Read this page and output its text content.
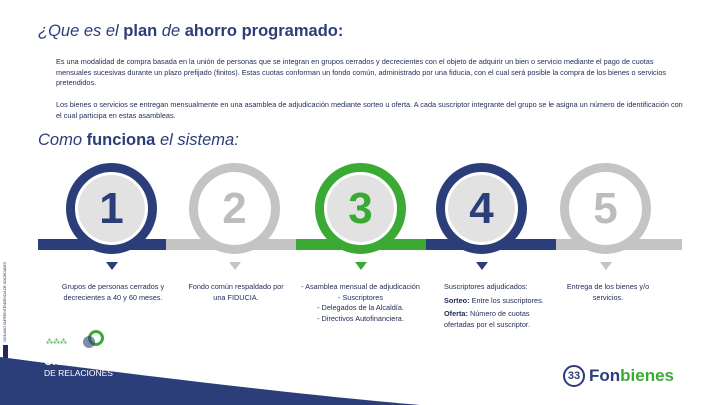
¿Que es el plan de ahorro programado:
Es una modalidad de compra basada en la unión de personas que se integran en grupos cerrados y decrecientes con el objeto de adquirir un bien o servicio mediante el pago de cuotas mensuales sucesivas durante un plazo prefijado (finitos). Estas cuotas conforman un fondo común, administrado por una fiducia, con el cual será posible la compra de los bienes o servicios pretendidos.
Los bienes o servicios se entregan mensualmente en una asamblea de adjudicación mediante sorteo u oferta. A cada suscriptor integrante del grupo se le asigna un número de identificación con el cual participa en estas asambleas.
Como funciona el sistema:
VIGILADO SUPERINTENDENCIA DE SOCIEDADES
1
Grupos de personas cerrados y decrecientes a 40 y 60 meses.
2
Fondo común respaldado por una FIDUCIA.
3
- Asamblea mensual de adjudicación
- Suscriptores
- Delegados de la Alcaldía.
- Directivos Autofinanciera.
4
Suscriptores adjudicados:
Sorteo: Entre los suscriptores.
Oferta: Número de cuotas ofertadas por el suscriptor.
5
Entrega de los bienes y/o servicios.
⁂⁂⁂
UN MUNDO
DE RELACIONES	33 Fonbienes
